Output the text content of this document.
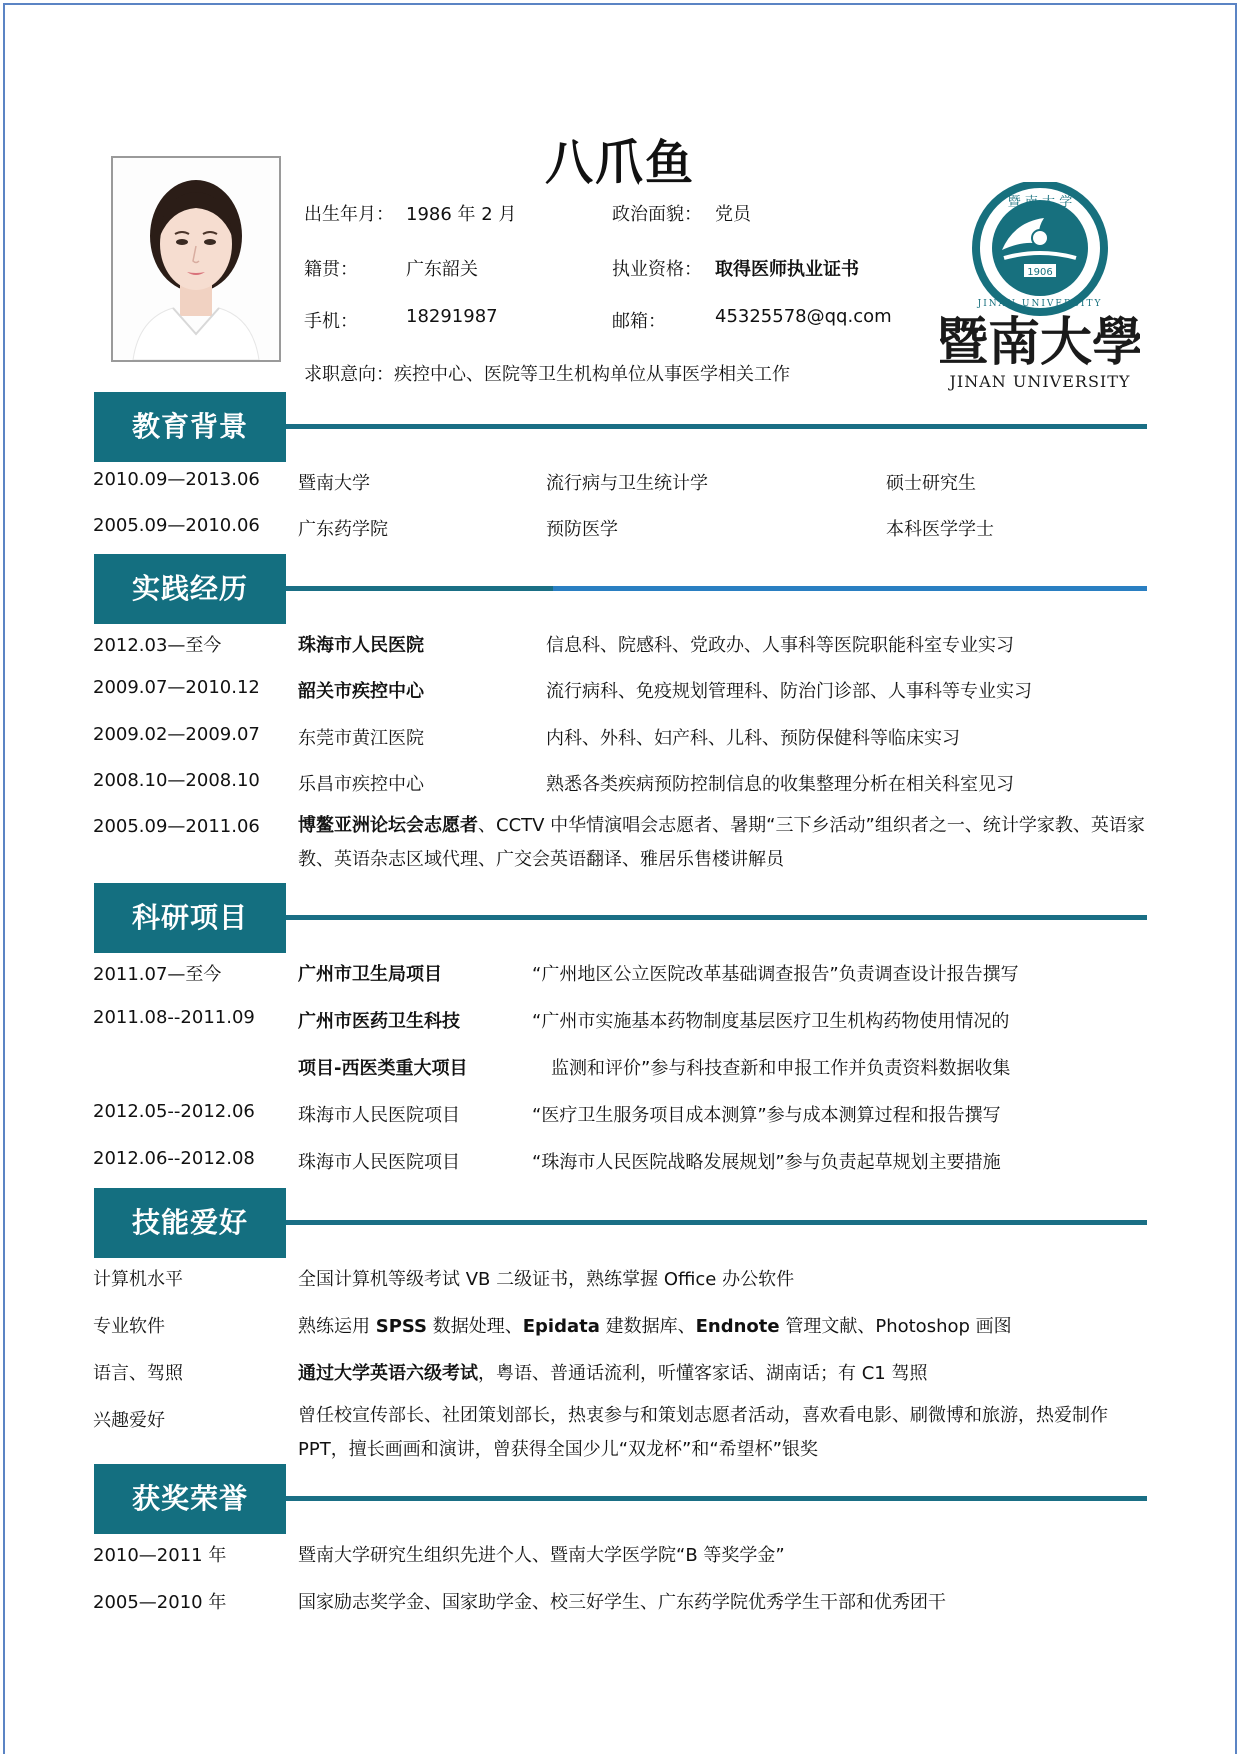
八爪鱼
出生年月： 1986 年 2 月	政治面貌： 党员
籍贯：	广东韶关	执业资格： 取得医师执业证书
手机：	18291987	邮箱：	45325578@qq.com
求职意向：疾控中心、医院等卫生机构单位从事医学相关工作
暨 南 大 学
1906
JINAN UNIVERSITY
暨南大學
JINAN UNIVERSITY
教育背景
2010.09—2013.06 暨南大学	流行病与卫生统计学	硕士研究生
2005.09—2010.06 广东药学院	预防医学	本科医学学士
实践经历
2012.03—至今	珠海市人民医院	信息科、院感科、党政办、人事科等医院职能科室专业实习
2009.07—2010.12 韶关市疾控中心	流行病科、免疫规划管理科、防治门诊部、人事科等专业实习
2009.02—2009.07 东莞市黄江医院	内科、外科、妇产科、儿科、预防保健科等临床实习
2008.10—2008.10 乐昌市疾控中心	熟悉各类疾病预防控制信息的收集整理分析在相关科室见习
2005.09—2011.06 博鳌亚洲论坛会志愿者、CCTV 中华情演唱会志愿者、暑期“三下乡活动”组织者之一、统计学家教、英语家教、英语杂志区域代理、广交会英语翻译、雅居乐售楼讲解员
科研项目
2011.07—至今	广州市卫生局项目	“广州地区公立医院改革基础调查报告”负责调查设计报告撰写
2011.08--2011.09 广州市医药卫生科技	“广州市实施基本药物制度基层医疗卫生机构药物使用情况的
项目-西医类重大项目	监测和评价”参与科技查新和申报工作并负责资料数据收集
2012.05--2012.06 珠海市人民医院项目	“医疗卫生服务项目成本测算”参与成本测算过程和报告撰写
2012.06--2012.08 珠海市人民医院项目	“珠海市人民医院战略发展规划”参与负责起草规划主要措施
技能爱好
计算机水平	全国计算机等级考试 VB 二级证书，熟练掌握 Office 办公软件
专业软件	熟练运用 SPSS 数据处理、Epidata 建数据库、Endnote 管理文献、Photoshop 画图
语言、驾照	通过大学英语六级考试，粤语、普通话流利，听懂客家话、湖南话；有 C1 驾照
兴趣爱好	曾任校宣传部长、社团策划部长，热衷参与和策划志愿者活动，喜欢看电影、刷微博和旅游，热爱制作 PPT，擅长画画和演讲，曾获得全国少儿“双龙杯”和“希望杯”银奖
获奖荣誉
2010—2011 年	暨南大学研究生组织先进个人、暨南大学医学院“B 等奖学金”
2005—2010 年	国家励志奖学金、国家助学金、校三好学生、广东药学院优秀学生干部和优秀团干
